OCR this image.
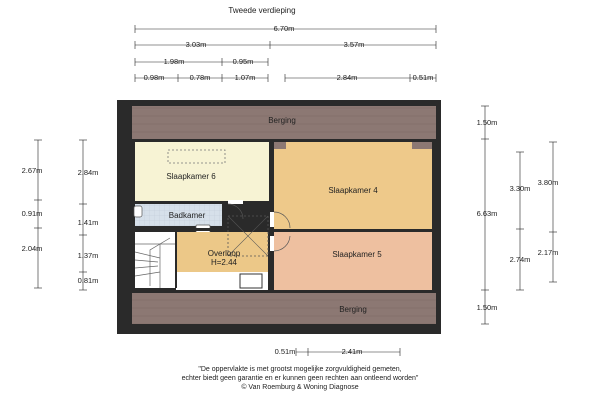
Tweede verdieping
Berging
Slaapkamer 6
Slaapkamer 4
Badkamer
Overloop
H=2.44
Slaapkamer 5
Berging
6.70m
3.03m	3.57m
1.98m	0.95m
0.98m	0.78m	1.07m	2.84m	0.51m
2.67m	2.84m
0.91m
1.41m
2.04m
1.37m
0.81m
1.50m
6.63m
3.30m
3.80m
2.74m
2.17m
1.50m
0.51m	2.41m
"De oppervlakte is met grootst mogelijke zorgvuldigheid gemeten,
echter biedt geen garantie en er kunnen geen rechten aan ontleend worden"
© Van Roemburg & Woning Diagnose
